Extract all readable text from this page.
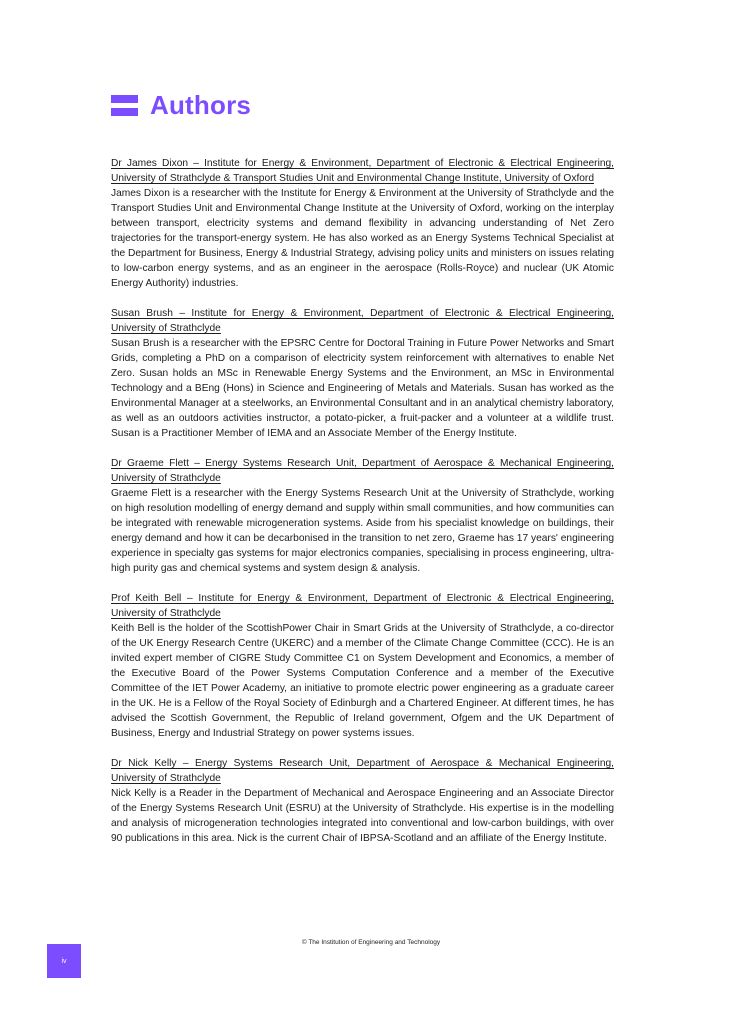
Authors

Dr James Dixon – Institute for Energy & Environment, Department of Electronic & Electrical Engineering, University of Strathclyde & Transport Studies Unit and Environmental Change Institute, University of Oxford

James Dixon is a researcher with the Institute for Energy & Environment at the University of Strathclyde and the Transport Studies Unit and Environmental Change Institute at the University of Oxford, working on the interplay between transport, electricity systems and demand flexibility in advancing understanding of Net Zero trajectories for the transport-energy system. He has also worked as an Energy Systems Technical Specialist at the Department for Business, Energy & Industrial Strategy, advising policy units and ministers on issues relating to low-carbon energy systems, and as an engineer in the aerospace (Rolls-Royce) and nuclear (UK Atomic Energy Authority) industries.

Susan Brush – Institute for Energy & Environment, Department of Electronic & Electrical Engineering, University of Strathclyde

Susan Brush is a researcher with the EPSRC Centre for Doctoral Training in Future Power Networks and Smart Grids, completing a PhD on a comparison of electricity system reinforcement with alternatives to enable Net Zero. Susan holds an MSc in Renewable Energy Systems and the Environment, an MSc in Environmental Technology and a BEng (Hons) in Science and Engineering of Metals and Materials. Susan has worked as the Environmental Manager at a steelworks, an Environmental Consultant and in an analytical chemistry laboratory, as well as an outdoors activities instructor, a potato-picker, a fruit-packer and a volunteer at a wildlife trust. Susan is a Practitioner Member of IEMA and an Associate Member of the Energy Institute.

Dr Graeme Flett – Energy Systems Research Unit, Department of Aerospace & Mechanical Engineering, University of Strathclyde

Graeme Flett is a researcher with the Energy Systems Research Unit at the University of Strathclyde, working on high resolution modelling of energy demand and supply within small communities, and how communities can be integrated with renewable microgeneration systems. Aside from his specialist knowledge on buildings, their energy demand and how it can be decarbonised in the transition to net zero, Graeme has 17 years' engineering experience in specialty gas systems for major electronics companies, specialising in process engineering, ultra-high purity gas and chemical systems and system design & analysis.

Prof Keith Bell – Institute for Energy & Environment, Department of Electronic & Electrical Engineering, University of Strathclyde

Keith Bell is the holder of the ScottishPower Chair in Smart Grids at the University of Strathclyde, a co-director of the UK Energy Research Centre (UKERC) and a member of the Climate Change Committee (CCC). He is an invited expert member of CIGRE Study Committee C1 on System Development and Economics, a member of the Executive Board of the Power Systems Computation Conference and a member of the Executive Committee of the IET Power Academy, an initiative to promote electric power engineering as a graduate career in the UK. He is a Fellow of the Royal Society of Edinburgh and a Chartered Engineer. At different times, he has advised the Scottish Government, the Republic of Ireland government, Ofgem and the UK Department of Business, Energy and Industrial Strategy on power systems issues.

Dr Nick Kelly – Energy Systems Research Unit, Department of Aerospace & Mechanical Engineering, University of Strathclyde

Nick Kelly is a Reader in the Department of Mechanical and Aerospace Engineering and an Associate Director of the Energy Systems Research Unit (ESRU) at the University of Strathclyde. His expertise is in the modelling and analysis of microgeneration technologies integrated into conventional and low-carbon buildings, with over 90 publications in this area. Nick is the current Chair of IBPSA-Scotland and an affiliate of the Energy Institute.

© The Institution of Engineering and Technology
iv
